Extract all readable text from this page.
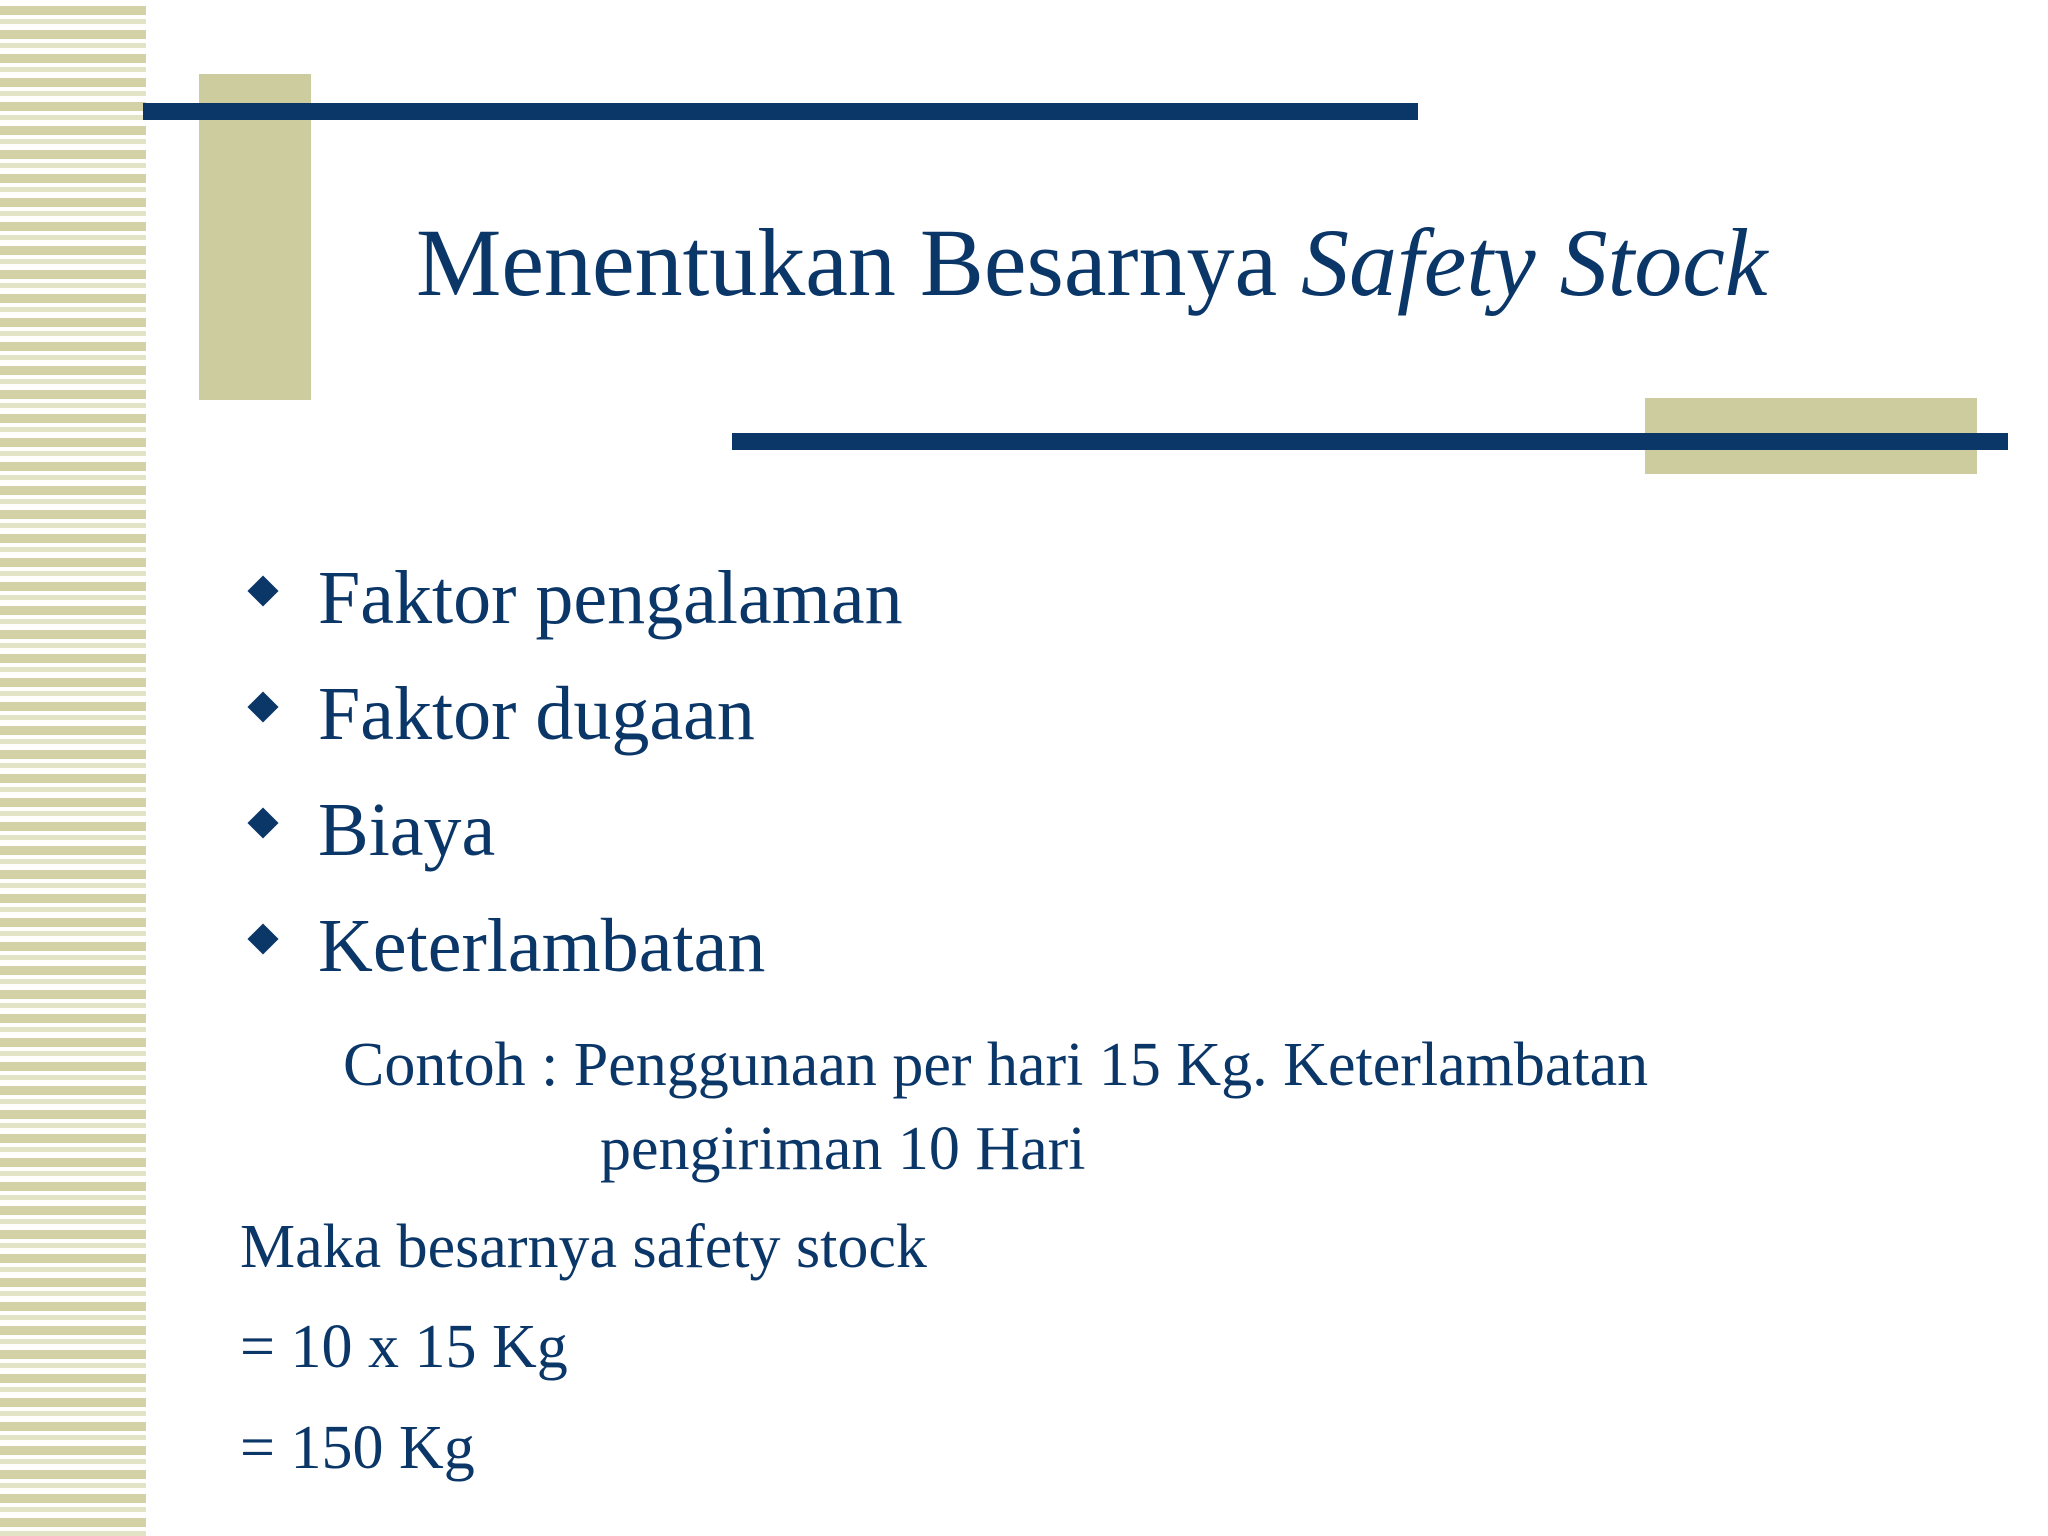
Menentukan Besarnya Safety Stock
Faktor pengalaman
Faktor dugaan
Biaya
Keterlambatan
Contoh : Penggunaan per hari 15 Kg. Keterlambatan
pengiriman 10 Hari
Maka besarnya safety stock
= 10 x 15 Kg
= 150 Kg
